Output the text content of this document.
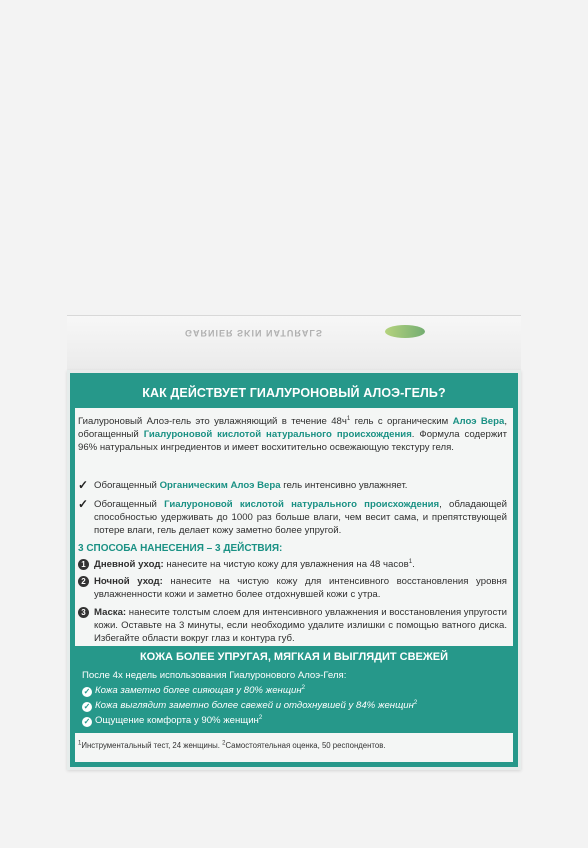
GARNIER SKIN NATURALS
КАК ДЕЙСТВУЕТ ГИАЛУРОНОВЫЙ АЛОЭ-ГЕЛЬ?
Гиалуроновый Алоэ-гель это увлажняющий в течение $48ч^1$ гель с органическим Алоэ Вера, обогащенный Гиалуроновой кислотой натурального происхождения. Формула содержит 96% натуральных ингредиентов и имеет восхитительно освежающую текстуру геля.
✓ Обогащенный Органическим Алоэ Вера гель интенсивно увлажняет.
✓ Обогащенный Гиалуроновой кислотой натурального происхождения, обладающей способностью удерживать до 1000 раз больше влаги, чем весит сама, и препятствующей потере влаги, гель делает кожу заметно более упругой.
3 СПОСОБА НАНЕСЕНИЯ – 3 ДЕЙСТВИЯ:
1 Дневной уход: нанесите на чистую кожу для увлажнения на 48 часов$^1$.
2 Ночной уход: нанесите на чистую кожу для интенсивного восстановления уровня увлажненности кожи и заметно более отдохнувшей кожи с утра.
3 Маска: нанесите толстым слоем для интенсивного увлажнения и восстановления упругости кожи. Оставьте на 3 минуты, если необходимо удалите излишки с помощью ватного диска. Избегайте области вокруг глаз и контура губ.
КОЖА БОЛЕЕ УПРУГАЯ, МЯГКАЯ И ВЫГЛЯДИТ СВЕЖЕЙ
После 4х недель использования Гиалуронового Алоэ-Геля:
✓ Кожа заметно более сияющая у 80% женщин$^2$
✓ Кожа выглядит заметно более свежей и отдохнувшей у 84% женщин$^2$
✓ Ощущение комфорта у 90% женщин$^2$
$^1$Инструментальный тест, 24 женщины. $^2$Самостоятельная оценка, 50 респондентов.
